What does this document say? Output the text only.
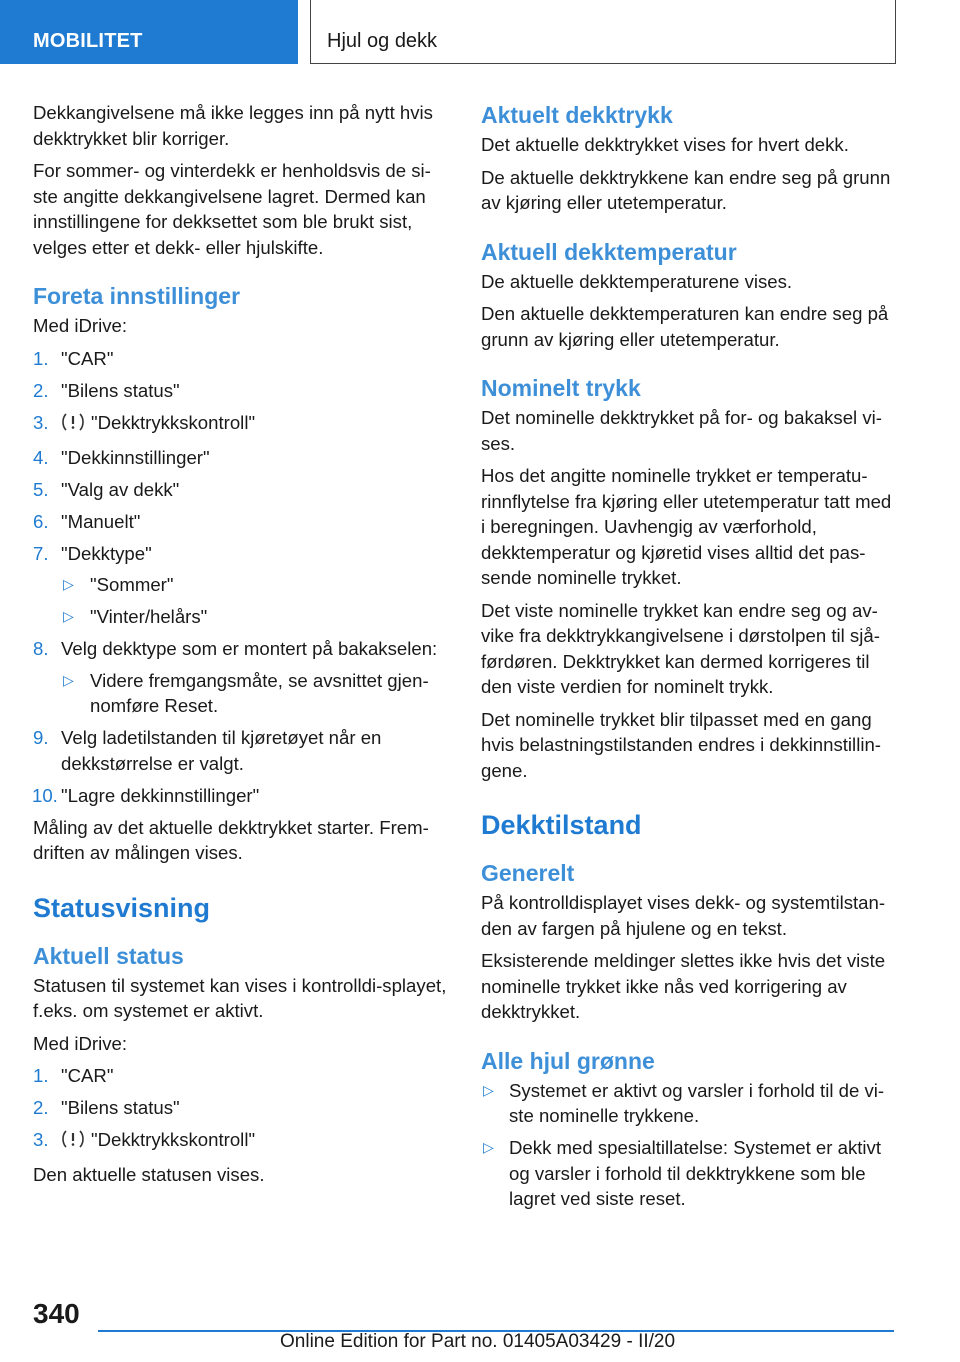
MOBILITET	Hjul og dekk

Dekkangivelsene må ikke legges inn på nytt hvis dekktrykket blir korriger.

For sommer- og vinterdekk er henholdsvis de si-ste angitte dekkangivelsene lagret. Dermed kan innstillingene for dekksettet som ble brukt sist, velges etter et dekk- eller hjulskifte.

Foreta innstillinger

Med iDrive:

1. "CAR"
2. "Bilens status"
3. "Dekktrykkskontroll"
4. "Dekkinnstillinger"
5. "Valg av dekk"
6. "Manuelt"
7. "Dekktype"
▷ "Sommer"
▷ "Vinter/helårs"
8. Velg dekktype som er montert på bakakselen:
▷ Videre fremgangsmåte, se avsnittet gjen-nomføre Reset.
9. Velg ladetilstanden til kjøretøyet når en dekkstørrelse er valgt.
10. "Lagre dekkinnstillinger"

Måling av det aktuelle dekktrykket starter. Frem-driften av målingen vises.

Statusvisning
Aktuell status

Statusen til systemet kan vises i kontrolldi-splayet, f.eks. om systemet er aktivt.

Med iDrive:

1. "CAR"
2. "Bilens status"
3. "Dekktrykkskontroll"

Den aktuelle statusen vises.

Aktuelt dekktrykk

Det aktuelle dekktrykket vises for hvert dekk.

De aktuelle dekktrykkene kan endre seg på grunn av kjøring eller utetemperatur.

Aktuell dekktemperatur

De aktuelle dekktemperaturene vises.

Den aktuelle dekktemperaturen kan endre seg på grunn av kjøring eller utetemperatur.

Nominelt trykk

Det nominelle dekktrykket på for- og bakaksel vi-ses.

Hos det angitte nominelle trykket er temperatu-rinnflytelse fra kjøring eller utetemperatur tatt med i beregningen. Uavhengig av værforhold, dekktemperatur og kjøretid vises alltid det pas-sende nominelle trykket.

Det viste nominelle trykket kan endre seg og av-vike fra dekktrykkangivelsene i dørstolpen til sjå-førdøren. Dekktrykket kan dermed korrigeres til den viste verdien for nominelt trykk.

Det nominelle trykket blir tilpasset med en gang hvis belastningstilstanden endres i dekkinnstillin-gene.

Dekktilstand
Generelt

På kontrolldisplayet vises dekk- og systemtilstan-den av fargen på hjulene og en tekst.

Eksisterende meldinger slettes ikke hvis det viste nominelle trykket ikke nås ved korrigering av dekktrykket.

Alle hjul grønne
▷ Systemet er aktivt og varsler i forhold til de vi-ste nominelle trykkene.
▷ Dekk med spesialtillatelse: Systemet er aktivt og varsler i forhold til dekktrykkene som ble lagret ved siste reset.
340
Online Edition for Part no. 01405A03429 - II/20
